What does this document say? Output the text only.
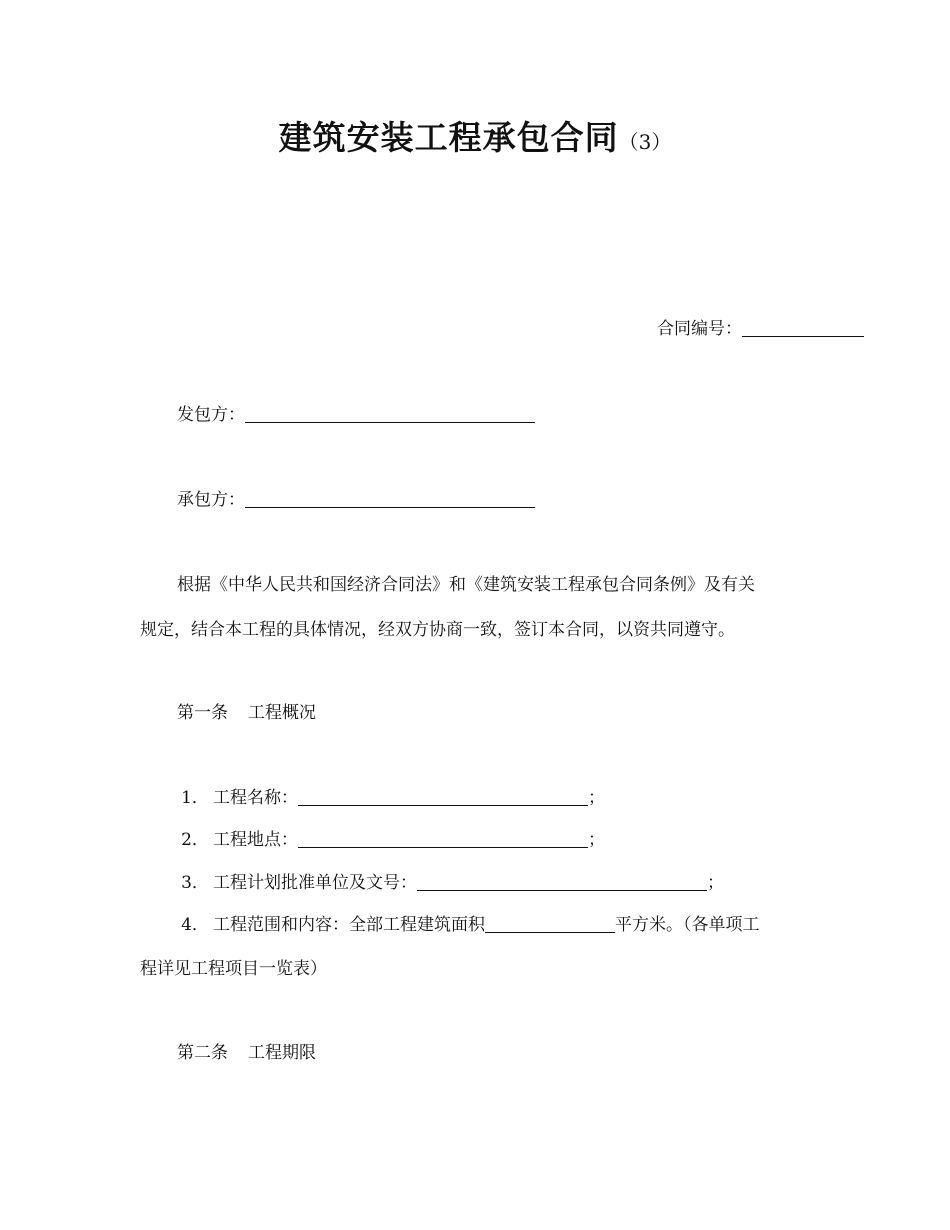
建筑安装工程承包合同（3）
合同编号：
发包方：
承包方：
根据《中华人民共和国经济合同法》和《建筑安装工程承包合同条例》及有关
规定，结合本工程的具体情况，经双方协商一致，签订本合同，以资共同遵守。
第一条 工程概况
1． 工程名称：	；
2． 工程地点：	；
3． 工程计划批准单位及文号：	；
4． 工程范围和内容：全部工程建筑面积	平方米。（各单项工
程详见工程项目一览表）
第二条 工程期限
